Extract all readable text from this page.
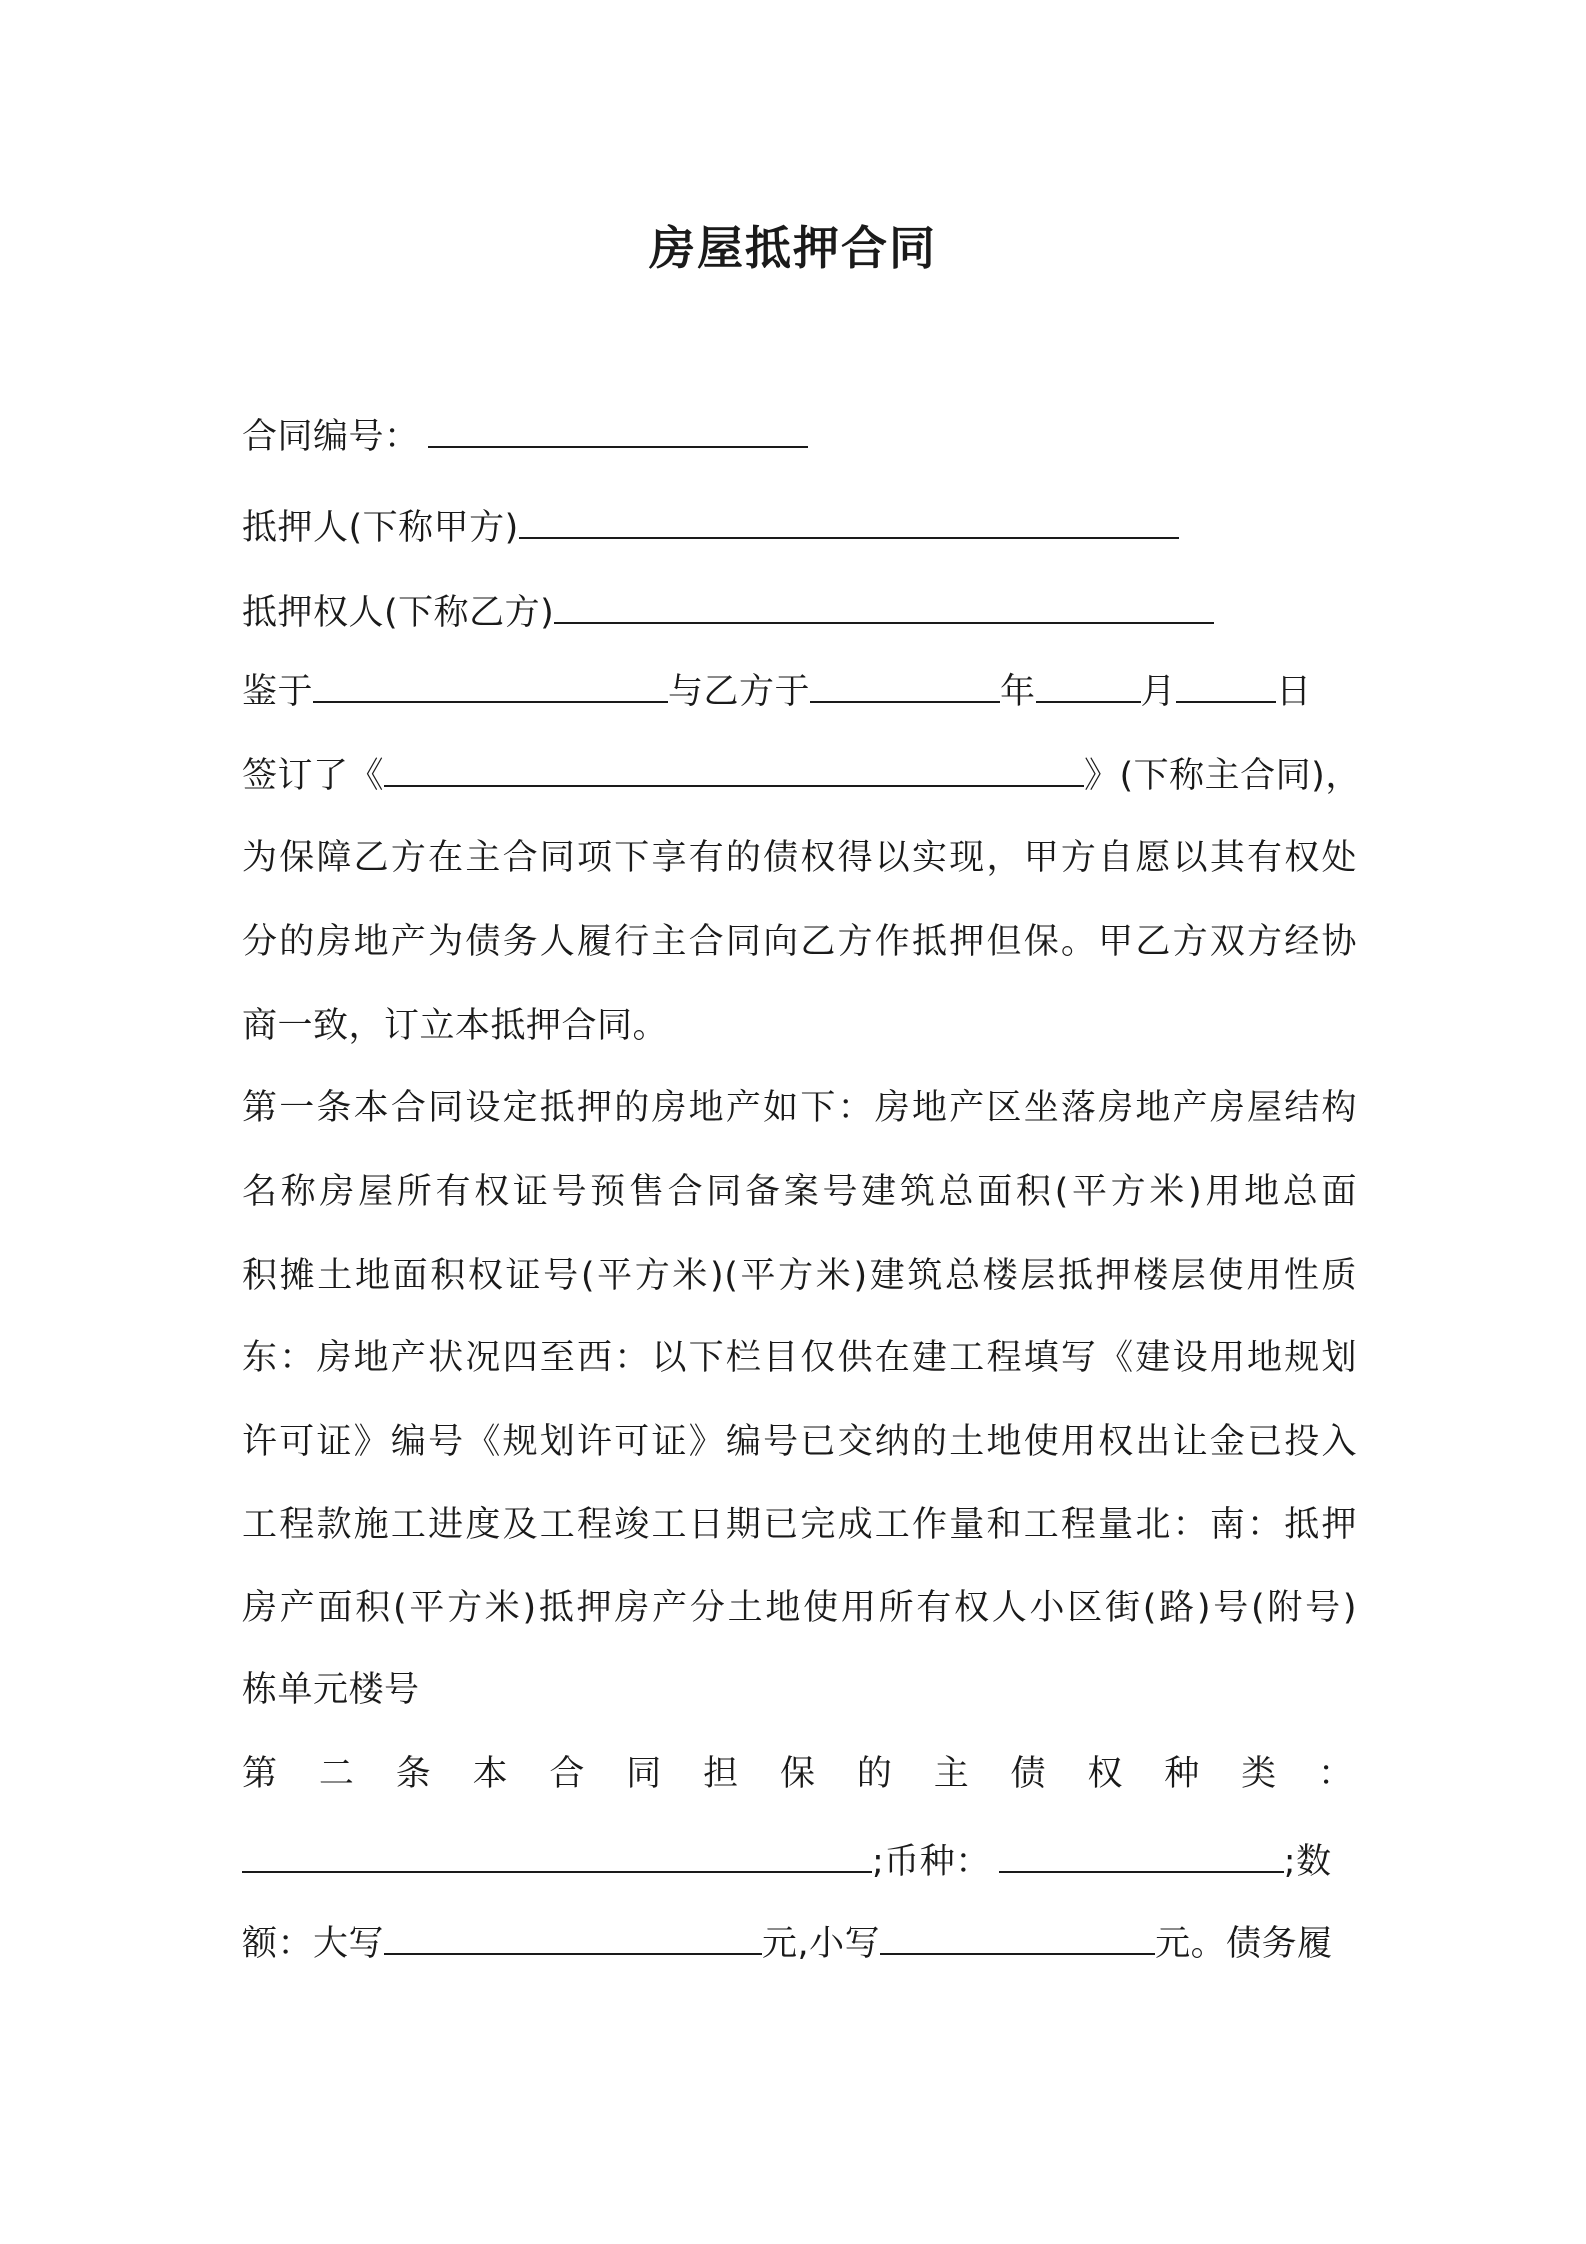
房屋抵押合同
合同编号：
抵押人(下称甲方)
抵押权人(下称乙方)
鉴于	与乙方于	年	月	日
签订了《	》(下称主合同)，
为保障乙方在主合同项下享有的债权得以实现，甲方自愿以其有权处
分的房地产为债务人履行主合同向乙方作抵押但保。甲乙方双方经协
商一致，订立本抵押合同。
第一条本合同设定抵押的房地产如下：房地产区坐落房地产房屋结构
名称房屋所有权证号预售合同备案号建筑总面积(平方米)用地总面
积摊土地面积权证号(平方米)(平方米)建筑总楼层抵押楼层使用性质
东：房地产状况四至西：以下栏目仅供在建工程填写《建设用地规划
许可证》编号《规划许可证》编号已交纳的土地使用权出让金已投入
工程款施工进度及工程竣工日期已完成工作量和工程量北：南：抵押
房产面积(平方米)抵押房产分土地使用所有权人小区街(路)号(附号)
栋单元楼号
第二条本合同担保的主债权种类：
;币种：	;数
额：大写	元,小写	元。债务履
